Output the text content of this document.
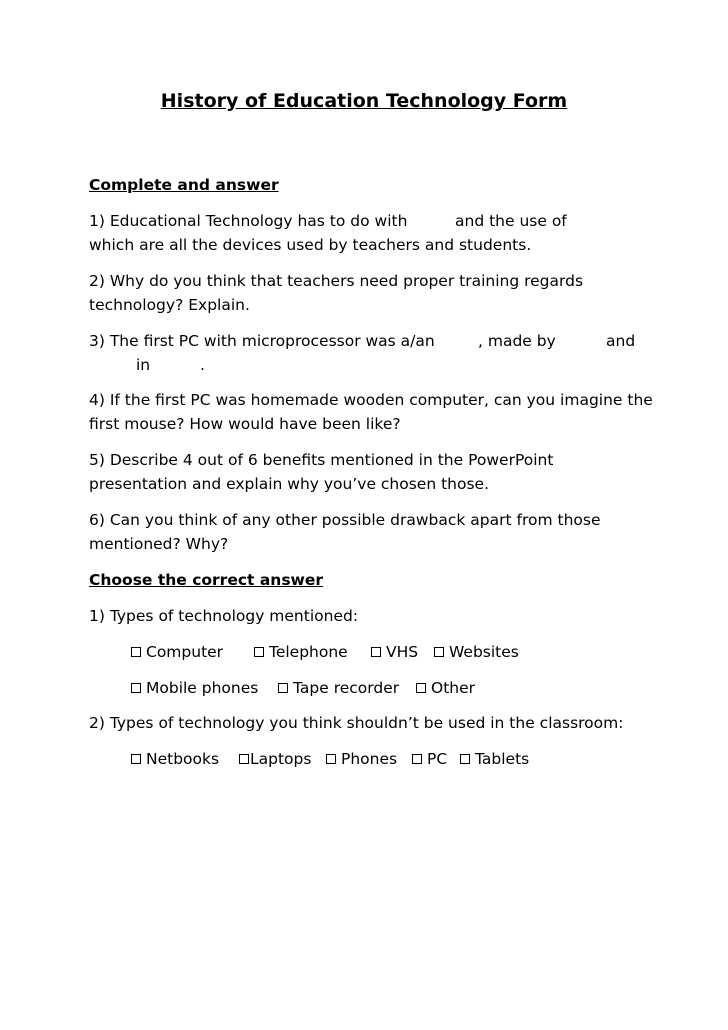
History of Education Technology Form
Complete and answer
1) Educational Technology has to do with	and the use of
which are all the devices used by teachers and students.
2) Why do you think that teachers need proper training regards
technology? Explain.
3) The first PC with microprocessor was a/an	, made by	and
in	.
4) If the first PC was homemade wooden computer, can you imagine the
first mouse? How would have been like?
5) Describe 4 out of 6 benefits mentioned in the PowerPoint
presentation and explain why you’ve chosen those.
6) Can you think of any other possible drawback apart from those
mentioned? Why?
Choose the correct answer
1) Types of technology mentioned:
Computer	Telephone VHS Websites
Mobile phones Tape recorder Other
2) Types of technology you think shouldn’t be used in the classroom:
Netbooks Laptops Phones PC Tablets
